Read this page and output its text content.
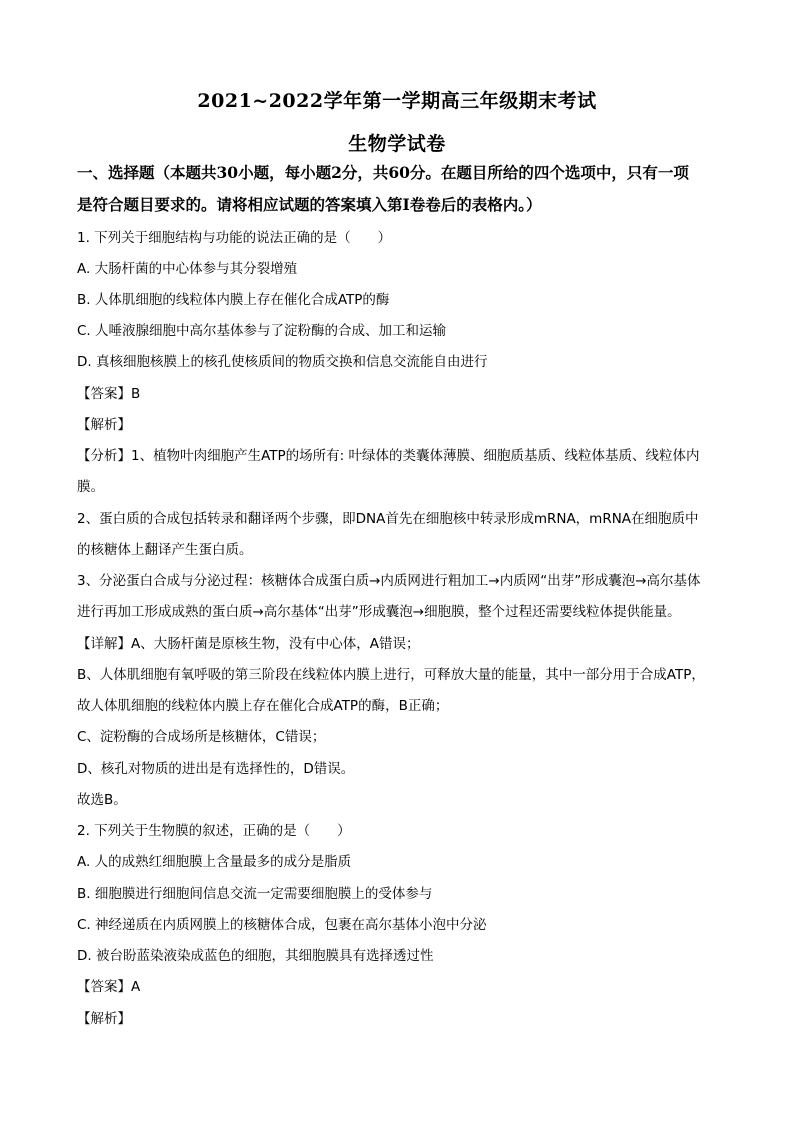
2021~2022学年第一学期高三年级期末考试
生物学试卷
一、选择题（本题共30小题，每小题2分，共60分。在题目所给的四个选项中，只有一项
是符合题目要求的。请将相应试题的答案填入第I卷卷后的表格内。）
1. 下列关于细胞结构与功能的说法正确的是（　　）
A. 大肠杆菌的中心体参与其分裂增殖
B. 人体肌细胞的线粒体内膜上存在催化合成ATP的酶
C. 人唾液腺细胞中高尔基体参与了淀粉酶的合成、加工和运输
D. 真核细胞核膜上的核孔使核质间的物质交换和信息交流能自由进行
【答案】B
【解析】
【分析】1、植物叶肉细胞产生ATP的场所有: 叶绿体的类囊体薄膜、细胞质基质、线粒体基质、线粒体内
膜。
2、蛋白质的合成包括转录和翻译两个步骤，即DNA首先在细胞核中转录形成mRNA，mRNA在细胞质中
的核糖体上翻译产生蛋白质。
3、分泌蛋白合成与分泌过程：核糖体合成蛋白质→内质网进行粗加工→内质网“出芽”形成囊泡→高尔基体
进行再加工形成成熟的蛋白质→高尔基体“出芽”形成囊泡→细胞膜，整个过程还需要线粒体提供能量。
【详解】A、大肠杆菌是原核生物，没有中心体，A错误；
B、人体肌细胞有氧呼吸的第三阶段在线粒体内膜上进行，可释放大量的能量，其中一部分用于合成ATP，
故人体肌细胞的线粒体内膜上存在催化合成ATP的酶，B正确；
C、淀粉酶的合成场所是核糖体，C错误；
D、核孔对物质的进出是有选择性的，D错误。
故选B。
2. 下列关于生物膜的叙述，正确的是（　　）
A. 人的成熟红细胞膜上含量最多的成分是脂质
B. 细胞膜进行细胞间信息交流一定需要细胞膜上的受体参与
C. 神经递质在内质网膜上的核糖体合成，包裹在高尔基体小泡中分泌
D. 被台盼蓝染液染成蓝色的细胞，其细胞膜具有选择透过性
【答案】A
【解析】
